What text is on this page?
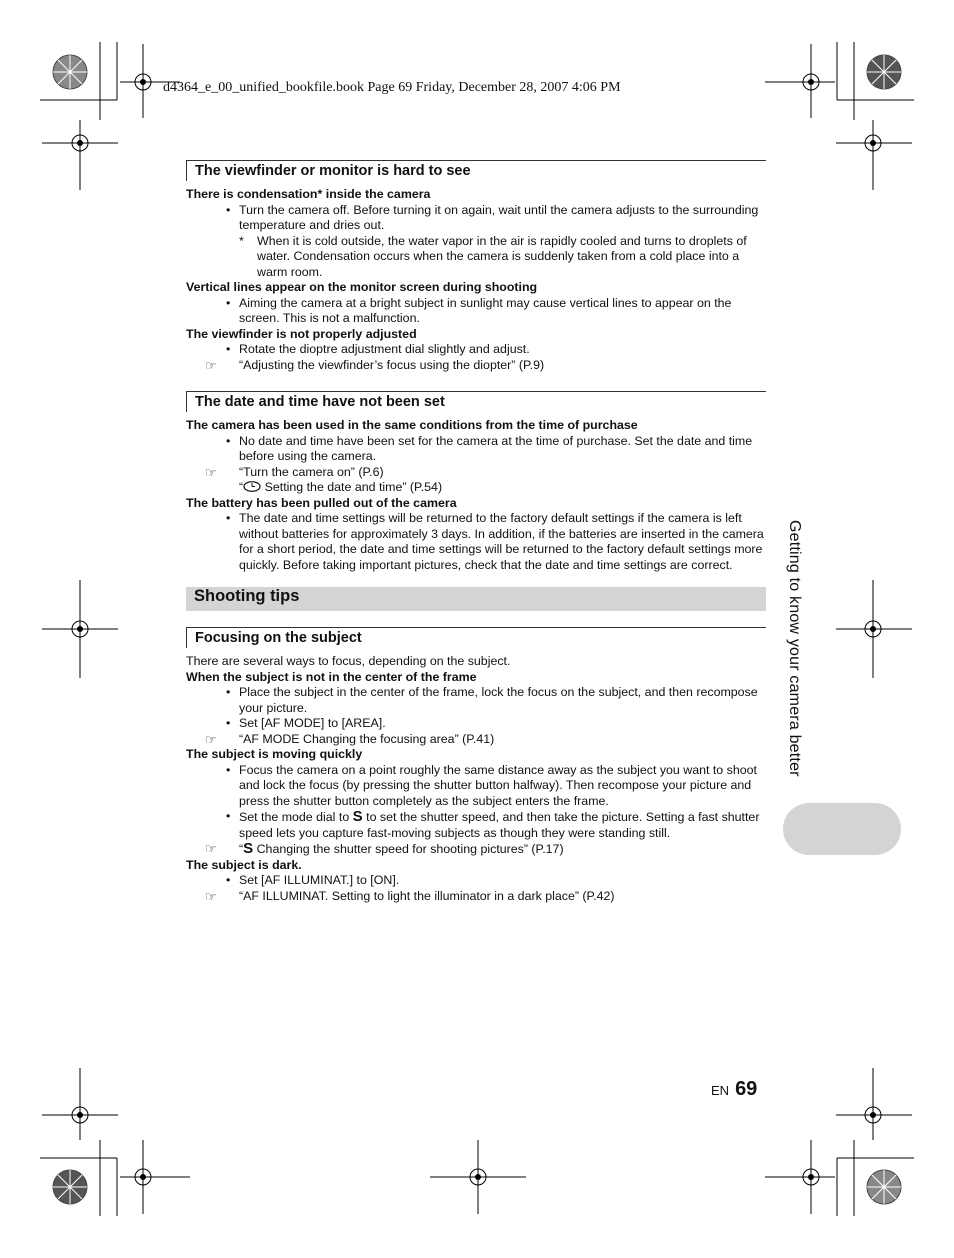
d4364_e_00_unified_bookfile.book Page 69 Friday, December 28, 2007 4:06 PM
The viewfinder or monitor is hard to see
There is condensation* inside the camera
• Turn the camera off. Before turning it on again, wait until the camera adjusts to the surrounding temperature and dries out.
* When it is cold outside, the water vapor in the air is rapidly cooled and turns to droplets of water. Condensation occurs when the camera is suddenly taken from a cold place into a warm room.
Vertical lines appear on the monitor screen during shooting
• Aiming the camera at a bright subject in sunlight may cause vertical lines to appear on the screen. This is not a malfunction.
The viewfinder is not properly adjusted
• Rotate the dioptre adjustment dial slightly and adjust.
☞ “Adjusting the viewfinder’s focus using the diopter” (P.9)
The date and time have not been set
The camera has been used in the same conditions from the time of purchase
• No date and time have been set for the camera at the time of purchase. Set the date and time before using the camera.
☞ “Turn the camera on” (P.6)
“ Setting the date and time” (P.54)
The battery has been pulled out of the camera
• The date and time settings will be returned to the factory default settings if the camera is left without batteries for approximately 3 days. In addition, if the batteries are inserted in the camera for a short period, the date and time settings will be returned to the factory default settings more quickly. Before taking important pictures, check that the date and time settings are correct.
Shooting tips
Focusing on the subject
There are several ways to focus, depending on the subject.
When the subject is not in the center of the frame
• Place the subject in the center of the frame, lock the focus on the subject, and then recompose your picture.
• Set [AF MODE] to [AREA].
☞ “AF MODE Changing the focusing area” (P.41)
The subject is moving quickly
• Focus the camera on a point roughly the same distance away as the subject you want to shoot and lock the focus (by pressing the shutter button halfway). Then recompose your picture and press the shutter button completely as the subject enters the frame.
• Set the mode dial to S to set the shutter speed, and then take the picture. Setting a fast shutter speed lets you capture fast-moving subjects as though they were standing still.
☞ “S Changing the shutter speed for shooting pictures” (P.17)
The subject is dark.
• Set [AF ILLUMINAT.] to [ON].
☞ “AF ILLUMINAT. Setting to light the illuminator in a dark place” (P.42)
Getting to know your camera better
EN 69
